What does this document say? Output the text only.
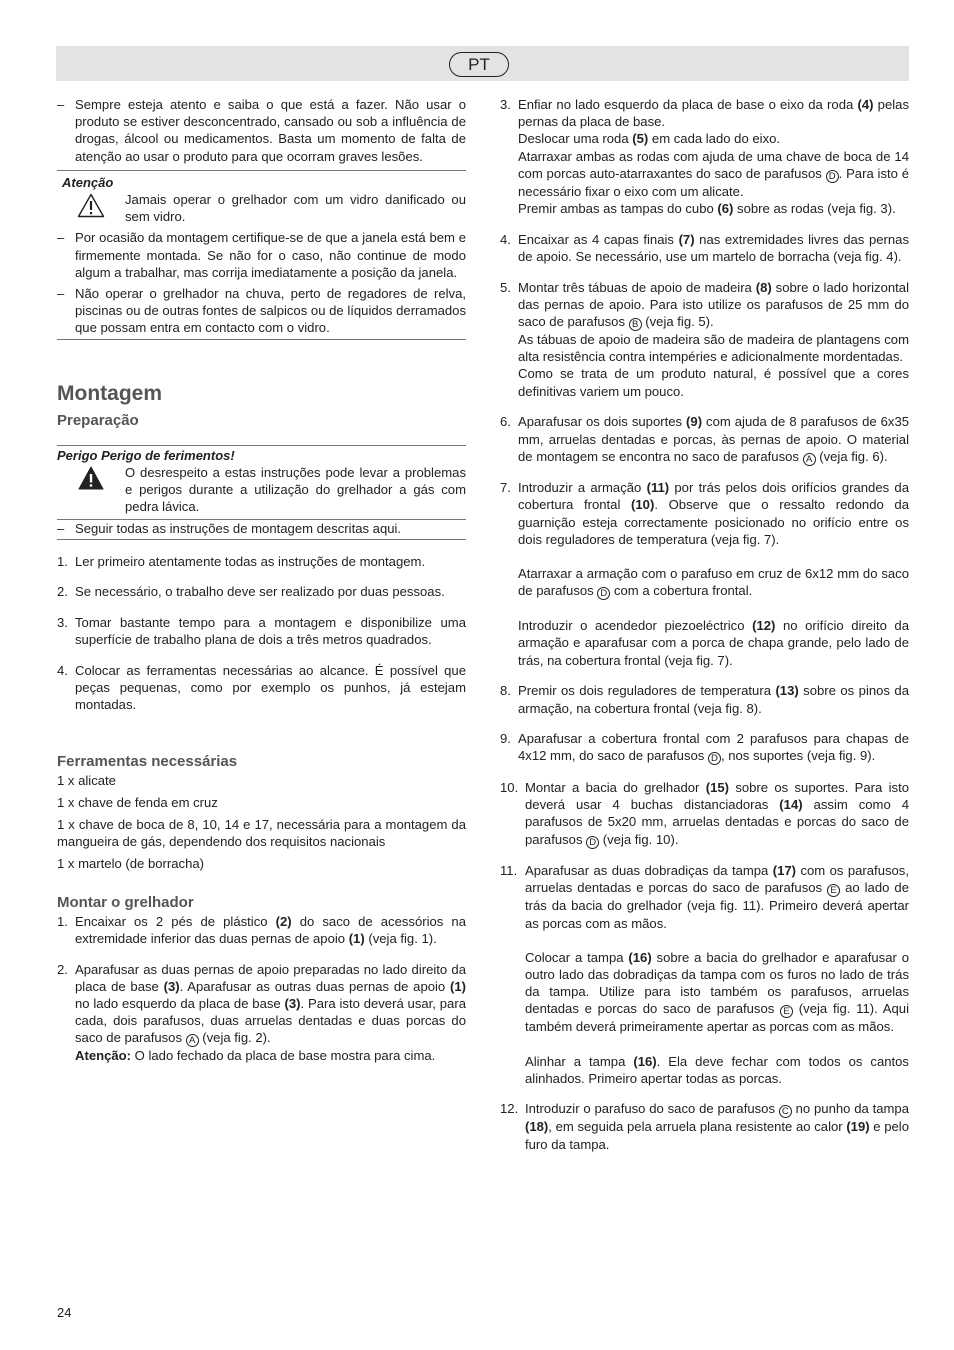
PT

– Sempre esteja atento e saiba o que está a fazer. Não usar o produto se estiver desconcentrado, cansado ou sob a influência de drogas, álcool ou medicamentos. Basta um momento de falta de atenção ao usar o produto para que ocorram graves lesões.

Atenção

Jamais operar o grelhador com um vidro danificado ou sem vidro.

– Por ocasião da montagem certifique-se de que a janela está bem e firmemente montada. Se não for o caso, não continue de modo algum a trabalhar, mas corrija imediatamente a posição da janela.

– Não operar o grelhador na chuva, perto de regadores de relva, piscinas ou de outras fontes de salpicos ou de líquidos derramados que possam entra em contacto com o vidro.

Montagem
Preparação
Perigo Perigo de ferimentos!

O desrespeito a estas instruções pode levar a problemas e perigos durante a utilização do grelhador a gás com pedra lávica.

– Seguir todas as instruções de montagem descritas aqui.

1. Ler primeiro atentamente todas as instruções de montagem.

2. Se necessário, o trabalho deve ser realizado por duas pessoas.

3. Tomar bastante tempo para a montagem e disponibilize uma superfície de trabalho plana de dois a três metros quadrados.

4. Colocar as ferramentas necessárias ao alcance. É possível que peças pequenas, como por exemplo os punhos, já estejam montadas.

Ferramentas necessárias

1 x alicate

1 x chave de fenda em cruz

1 x chave de boca de 8, 10, 14 e 17, necessária para a montagem da mangueira de gás, dependendo dos requisitos nacionais

1 x martelo (de borracha)

Montar o grelhador
1. Encaixar os 2 pés de plástico (2) do saco de acessórios na extremidade inferior das duas pernas de apoio (1) (veja fig. 1).

2. Aparafusar as duas pernas de apoio preparadas no lado direito da placa de base (3). Aparafusar as outras duas pernas de apoio (1) no lado esquerdo da placa de base (3). Para isto deverá usar, para cada, dois parafusos, duas arruelas dentadas e duas porcas do saco de parafusos A (veja fig. 2).
Atenção: O lado fechado da placa de base mostra para cima.

3. Enfiar no lado esquerdo da placa de base o eixo da roda (4) pelas pernas da placa de base.
Deslocar uma roda (5) em cada lado do eixo.
Atarraxar ambas as rodas com ajuda de uma chave de boca de 14 com porcas auto-atarraxantes do saco de parafusos D . Para isto é necessário fixar o eixo com um alicate.
Premir ambas as tampas do cubo (6) sobre as rodas (veja fig. 3).

4. Encaixar as 4 capas finais (7) nas extremidades livres das pernas de apoio. Se necessário, use um martelo de borracha (veja fig. 4).

5. Montar três tábuas de apoio de madeira (8) sobre o lado horizontal das pernas de apoio. Para isto utilize os parafusos de 25 mm do saco de parafusos B (veja fig. 5).
As tábuas de apoio de madeira são de madeira de plantagens com alta resistência contra intempéries e adicionalmente mordentadas.
Como se trata de um produto natural, é possível que a cores definitivas variem um pouco.

6. Aparafusar os dois suportes (9) com ajuda de 8 parafusos de 6x35 mm, arruelas dentadas e porcas, às pernas de apoio. O material de montagem se encontra no saco de parafusos A (veja fig. 6).

7. Introduzir a armação (11) por trás pelos dois orifícios grandes da cobertura frontal (10). Observe que o ressalto redondo da guarnição esteja correctamente posicionado no orifício entre os dois reguladores de temperatura (veja fig. 7).

Atarraxar a armação com o parafuso em cruz de 6x12 mm do saco de parafusos D com a cobertura frontal.

Introduzir o acendedor piezoeléctrico (12) no orifício direito da armação e aparafusar com a porca de chapa grande, pelo lado de trás, na cobertura frontal (veja fig. 7).

8. Premir os dois reguladores de temperatura (13) sobre os pinos da armação, na cobertura frontal (veja fig. 8).

9. Aparafusar a cobertura frontal com 2 parafusos para chapas de 4x12 mm, do saco de parafusos D , nos suportes (veja fig. 9).

10. Montar a bacia do grelhador (15) sobre os suportes. Para isto deverá usar 4 buchas distanciadoras (14) assim como 4 parafusos de 5x20 mm, arruelas dentadas e porcas do saco de parafusos D (veja fig. 10).

11. Aparafusar as duas dobradiças da tampa (17) com os parafusos, arruelas dentadas e porcas do saco de parafusos E ao lado de trás da bacia do grelhador (veja fig. 11). Primeiro deverá apertar as porcas com as mãos.

Colocar a tampa (16) sobre a bacia do grelhador e aparafusar o outro lado das dobradiças da tampa com os furos no lado de trás da tampa. Utilize para isto também os parafusos, arruelas dentadas e porcas do saco de parafusos E (veja fig. 11). Aqui também deverá primeiramente apertar as porcas com as mãos.

Alinhar a tampa (16). Ela deve fechar com todos os cantos alinhados. Primeiro apertar todas as porcas.

12. Introduzir o parafuso do saco de parafusos C no punho da tampa (18), em seguida pela arruela plana resistente ao calor (19) e pelo furo da tampa.

24
